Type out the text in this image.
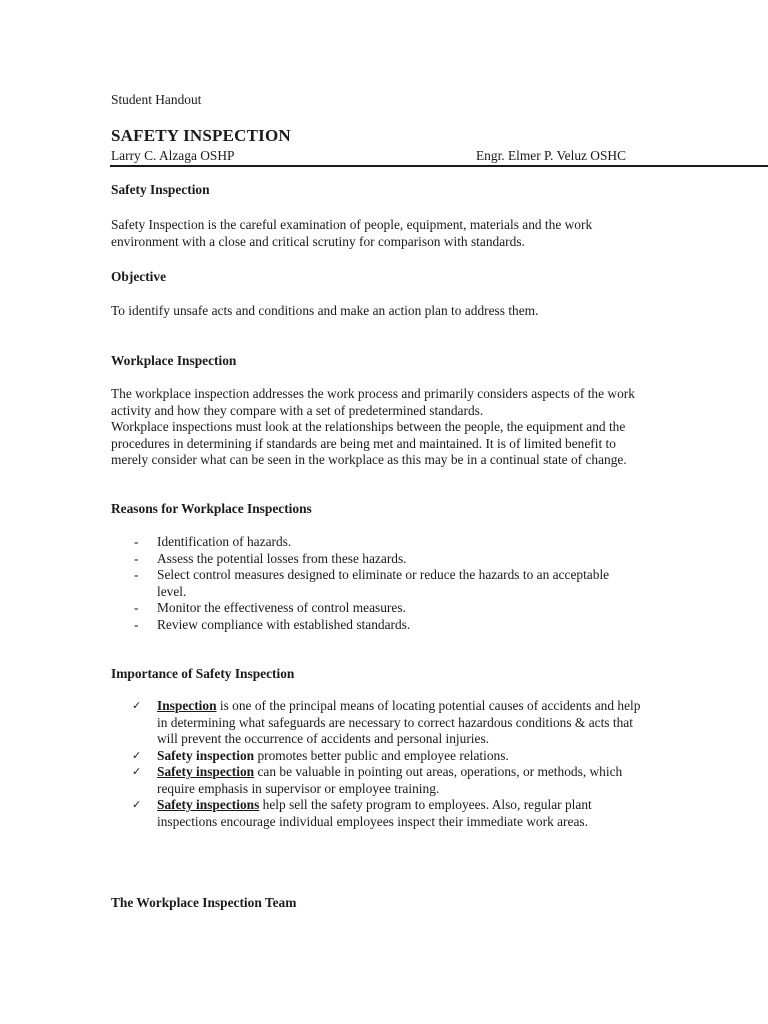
Student Handout

SAFETY INSPECTION

Larry C. Alzaga OSHP	Engr. Elmer P. Veluz OSHC

Safety Inspection

Safety Inspection is the careful examination of people, equipment, materials and the work environment with a close and critical scrutiny for comparison with standards.

Objective

To identify unsafe acts and conditions and make an action plan to address them.

Workplace Inspection

The workplace inspection addresses the work process and primarily considers aspects of the work activity and how they compare with a set of predetermined standards.

Workplace inspections must look at the relationships between the people, the equipment and the procedures in determining if standards are being met and maintained. It is of limited benefit to merely consider what can be seen in the workplace as this may be in a continual state of change.

Reasons for Workplace Inspections

- Identification of hazards.
- Assess the potential losses from these hazards.
- Select control measures designed to eliminate or reduce the hazards to an acceptable level.
- Monitor the effectiveness of control measures.
- Review compliance with established standards.

Importance of Safety Inspection

✓ Inspection is one of the principal means of locating potential causes of accidents and help in determining what safeguards are necessary to correct hazardous conditions & acts that will prevent the occurrence of accidents and personal injuries.
✓ Safety inspection promotes better public and employee relations.
✓ Safety inspection can be valuable in pointing out areas, operations, or methods, which require emphasis in supervisor or employee training.
✓ Safety inspections help sell the safety program to employees. Also, regular plant inspections encourage individual employees inspect their immediate work areas.

The Workplace Inspection Team
